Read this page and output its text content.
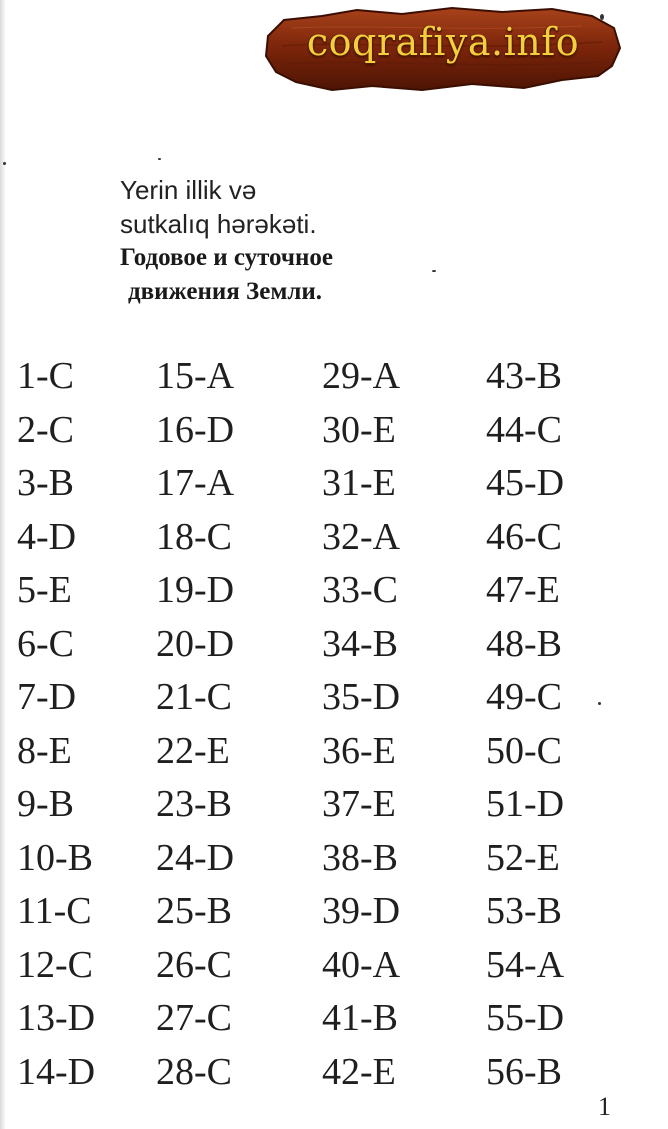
coqrafiya.info
Yerin illik və
sutkalıq hərəkəti.
Годовое и суточное
движения Земли.
1-C
2-C
3-B
4-D
5-E
6-C
7-D
8-E
9-B
10-B
11-C
12-C
13-D
14-D
15-A
16-D
17-A
18-C
19-D
20-D
21-C
22-E
23-B
24-D
25-B
26-C
27-C
28-C
29-A
30-E
31-E
32-A
33-C
34-B
35-D
36-E
37-E
38-B
39-D
40-A
41-B
42-E
43-B
44-C
45-D
46-C
47-E
48-B
49-C
50-C
51-D
52-E
53-B
54-A
55-D
56-B
1
